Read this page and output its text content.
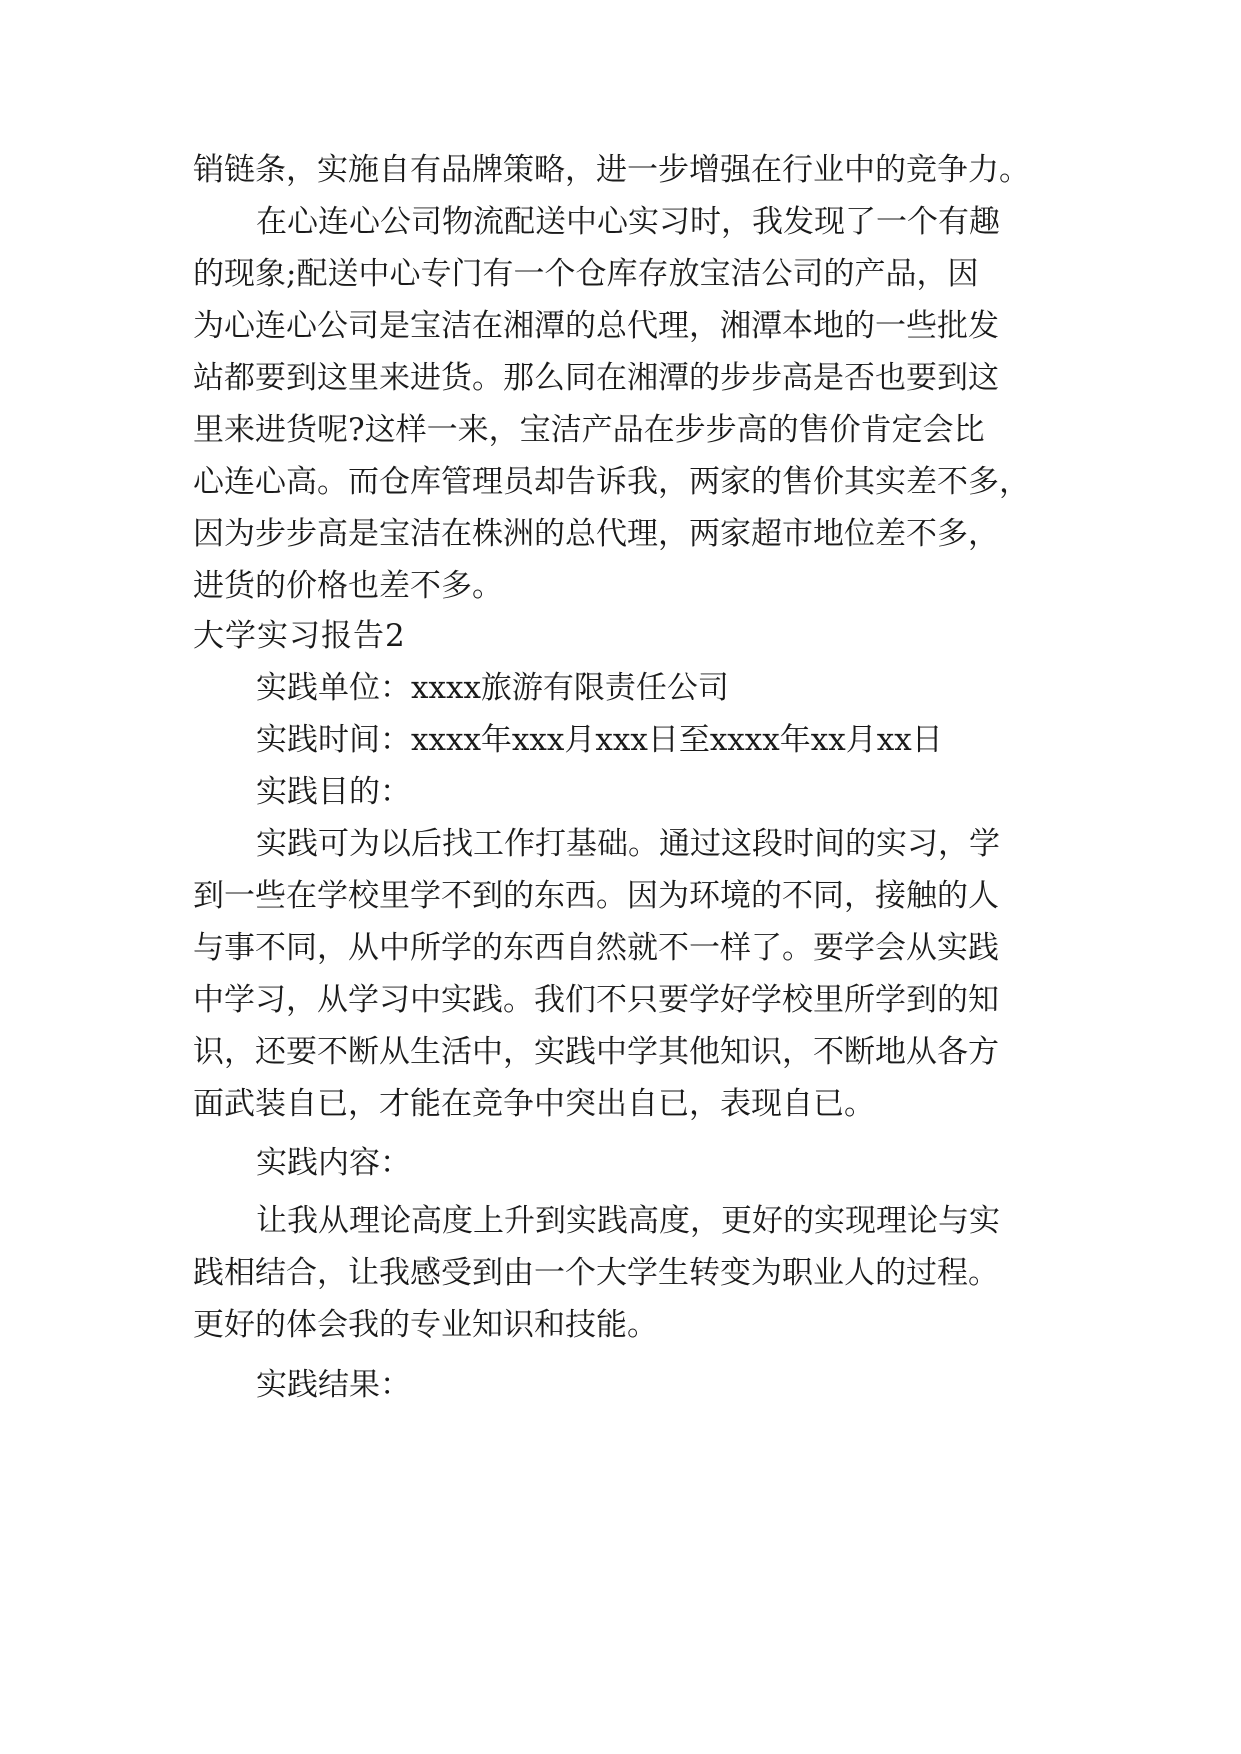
销链条，实施自有品牌策略，进一步增强在行业中的竞争力。
在心连心公司物流配送中心实习时，我发现了一个有趣
的现象;配送中心专门有一个仓库存放宝洁公司的产品，因
为心连心公司是宝洁在湘潭的总代理，湘潭本地的一些批发
站都要到这里来进货。那么同在湘潭的步步高是否也要到这
里来进货呢?这样一来，宝洁产品在步步高的售价肯定会比
心连心高。而仓库管理员却告诉我，两家的售价其实差不多，
因为步步高是宝洁在株洲的总代理，两家超市地位差不多，
进货的价格也差不多。
大学实习报告2
实践单位：xxxx旅游有限责任公司
实践时间：xxxx年xxx月xxx日至xxxx年xx月xx日
实践目的：
实践可为以后找工作打基础。通过这段时间的实习，学
到一些在学校里学不到的东西。因为环境的不同，接触的人
与事不同，从中所学的东西自然就不一样了。要学会从实践
中学习，从学习中实践。我们不只要学好学校里所学到的知
识，还要不断从生活中，实践中学其他知识，不断地从各方
面武装自已，才能在竞争中突出自已，表现自已。
实践内容：
让我从理论高度上升到实践高度，更好的实现理论与实
践相结合，让我感受到由一个大学生转变为职业人的过程。
更好的体会我的专业知识和技能。
实践结果：
